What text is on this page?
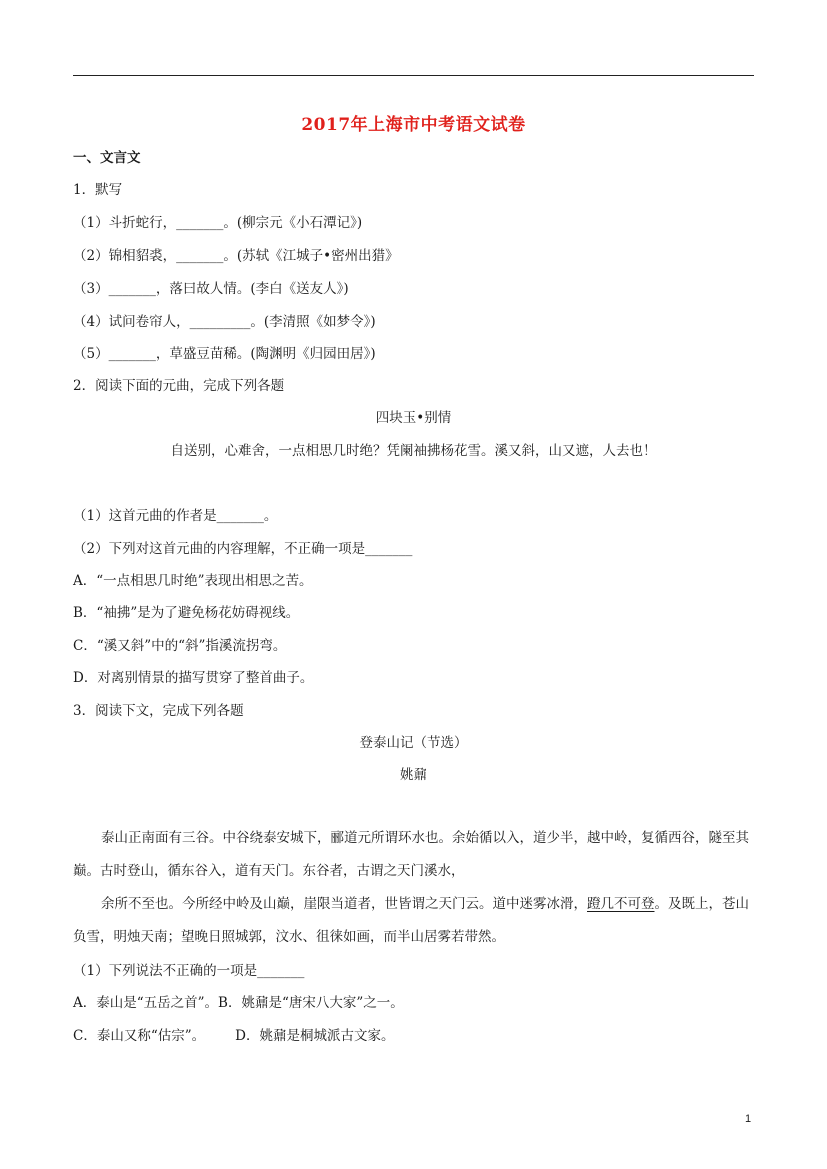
2017年上海市中考语文试卷
一、文言文
1．默写
（1）斗折蛇行，_______。(柳宗元《小石潭记》)
（2）锦相貂裘，_______。(苏轼《江城子•密州出猎》
（3）_______，落曰故人情。(李白《送友人》)
（4）试问卷帘人，_________。(李清照《如梦令》)
（5）_______，草盛豆苗稀。(陶渊明《归园田居》)
2．阅读下面的元曲，完成下列各题
四块玉•别情
自送别，心难舍，一点相思几时绝？凭阑袖拂杨花雪。溪又斜，山又遮，人去也！
（1）这首元曲的作者是_______。
（2）下列对这首元曲的内容理解，不正确一项是_______
A．“一点相思几时绝”表现出相思之苦。
B．“袖拂”是为了避免杨花妨碍视线。
C．“溪又斜”中的“斜”指溪流拐弯。
D．对离别情景的描写贯穿了整首曲子。
3．阅读下文，完成下列各题
登泰山记（节选）
姚鼐
泰山正南面有三谷。中谷绕泰安城下，郦道元所谓环水也。余始循以入，道少半，越中岭，复循西谷，隧至其巅。古时登山，循东谷入，道有天门。东谷者，古谓之天门溪水，
余所不至也。今所经中岭及山巅，崖限当道者，世皆谓之天门云。道中迷雾冰滑，蹬几不可登。及既上，苍山负雪，明烛天南；望晚日照城郭，汶水、徂徕如画，而半山居雾若带然。
（1）下列说法不正确的一项是_______
A．泰山是“五岳之首”。B．姚鼐是“唐宋八大家”之一。
C．泰山又称“估宗”。 D．姚鼐是桐城派古文家。
1
